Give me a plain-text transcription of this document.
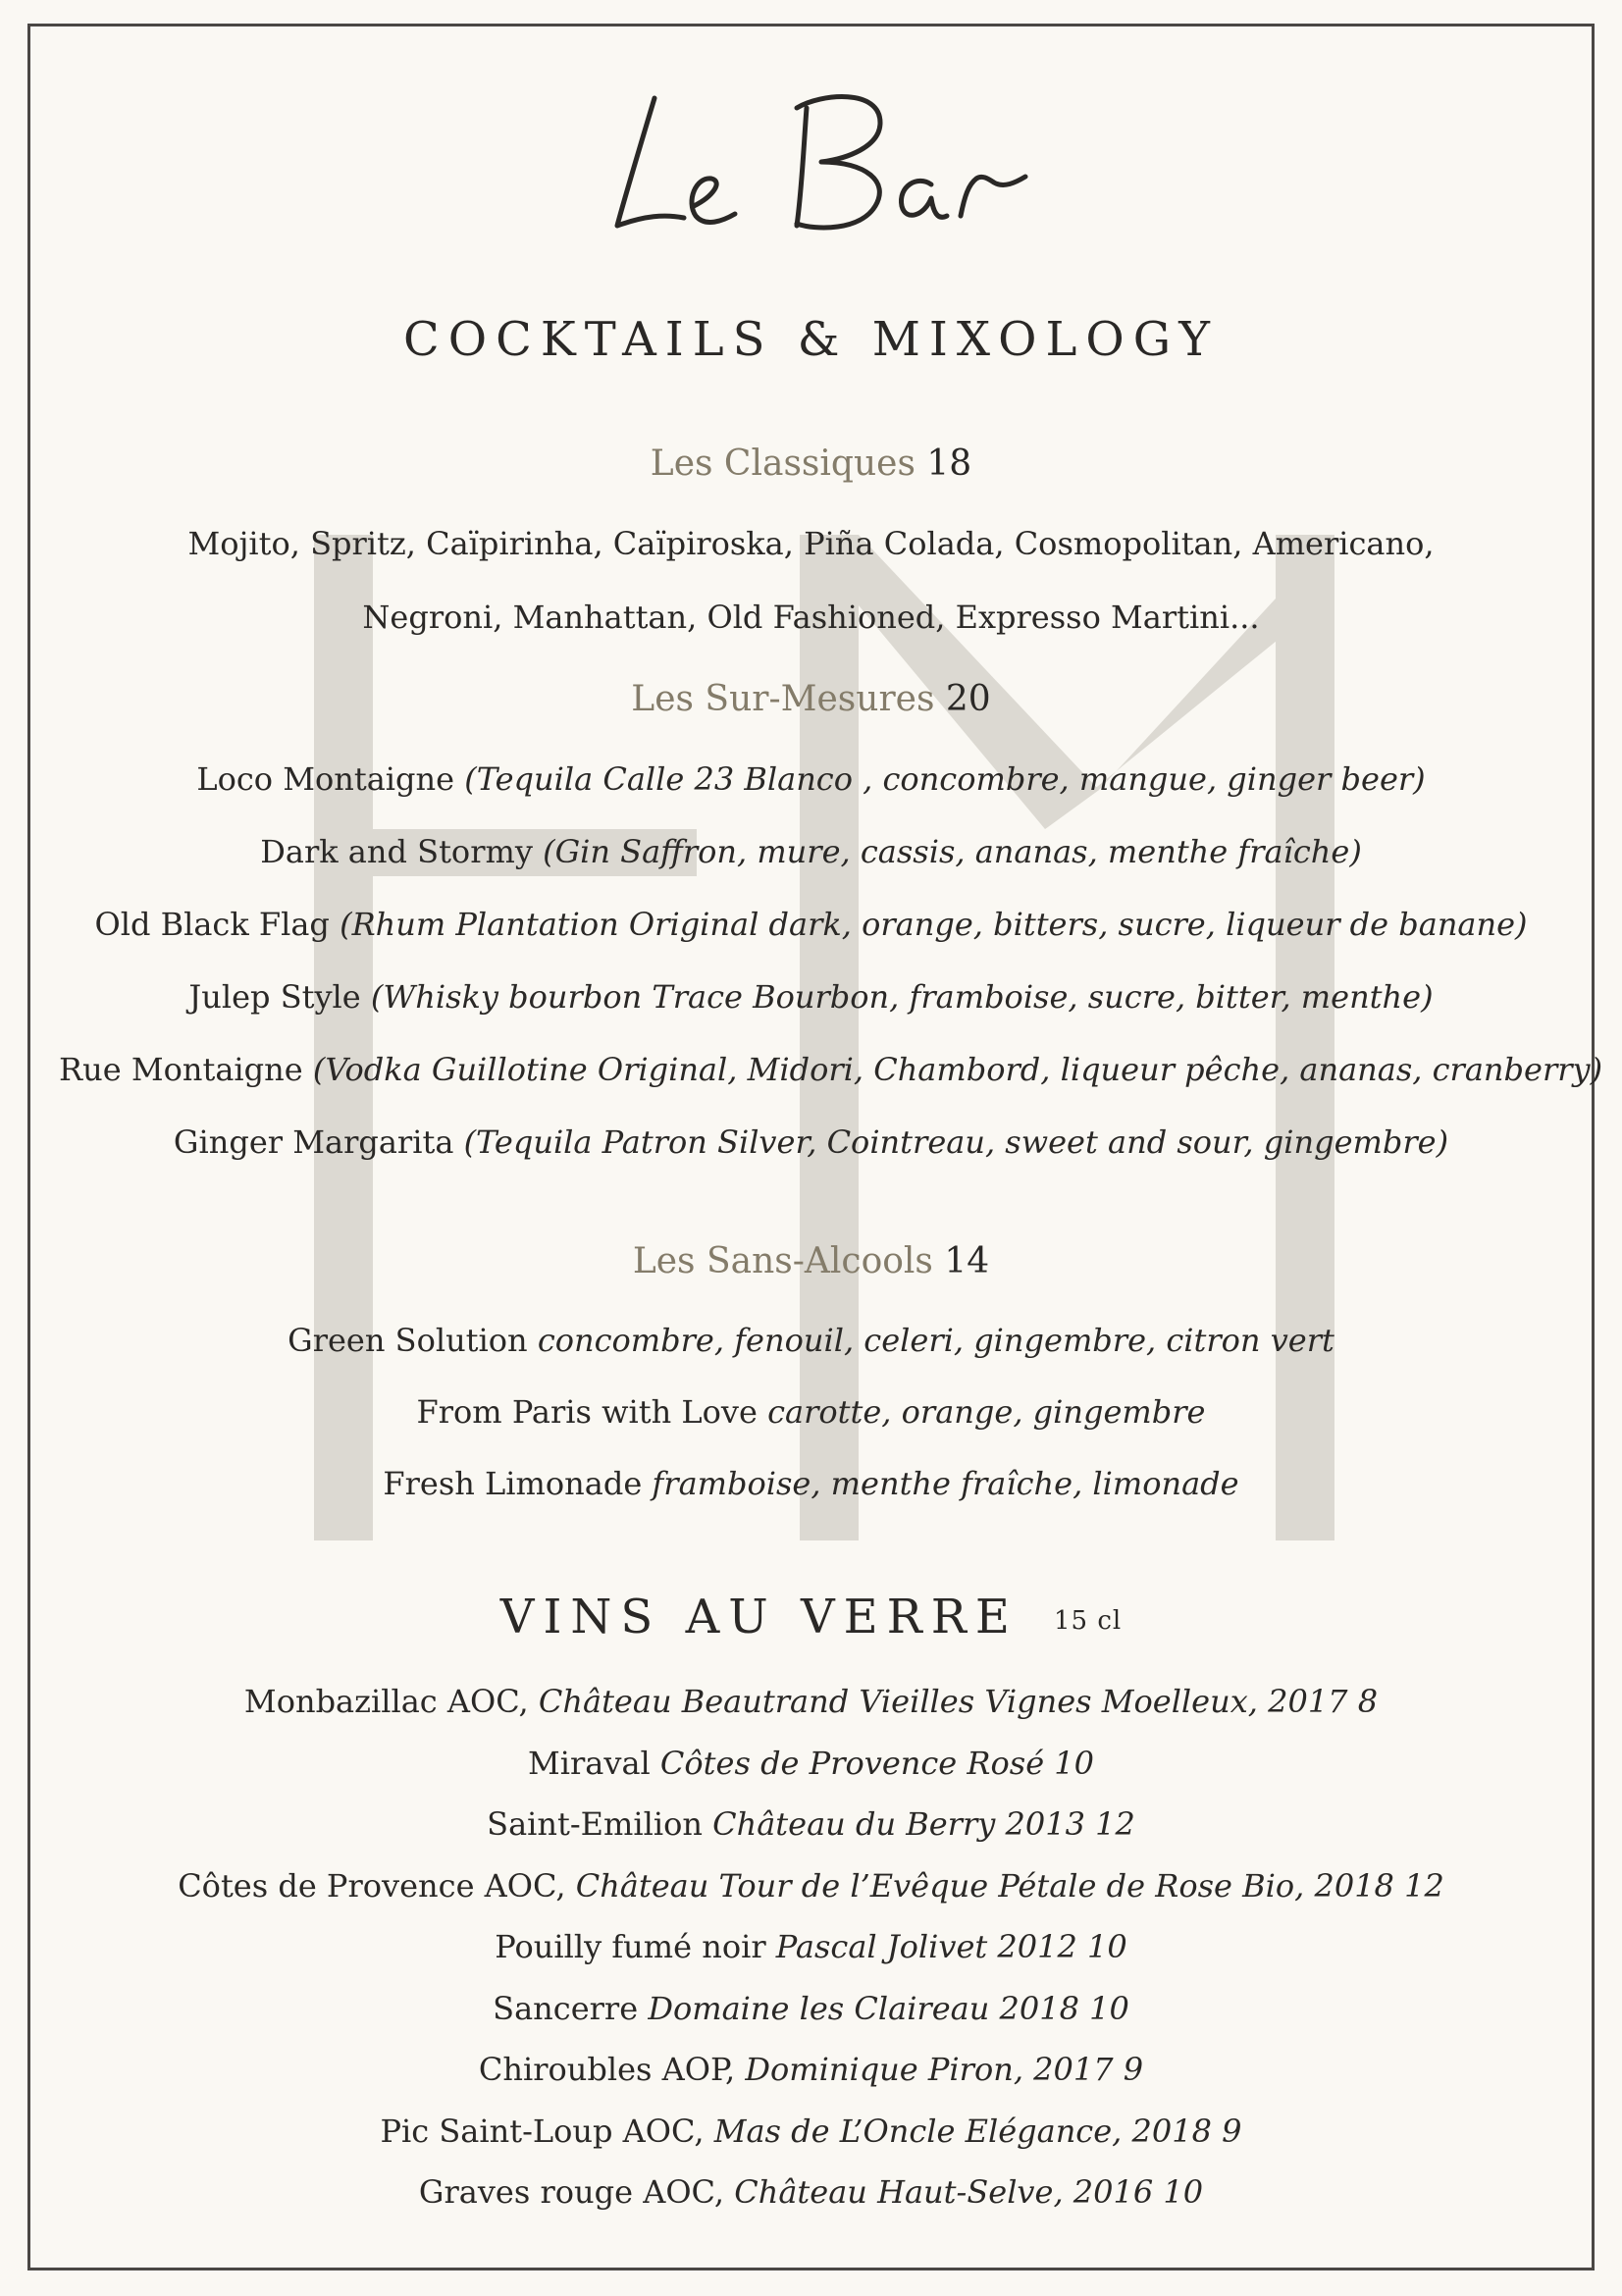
COCKTAILS & MIXOLOGY
Les Classiques 18
Mojito, Spritz, Caïpirinha, Caïpiroska, Piña Colada, Cosmopolitan, Americano,
Negroni, Manhattan, Old Fashioned, Expresso Martini...
Les Sur-Mesures 20
Loco Montaigne (Tequila Calle 23 Blanco , concombre, mangue, ginger beer)
Dark and Stormy (Gin Saffron, mure, cassis, ananas, menthe fraîche)
Old Black Flag (Rhum Plantation Original dark, orange, bitters, sucre, liqueur de banane)
Julep Style (Whisky bourbon Trace Bourbon, framboise, sucre, bitter, menthe)
Rue Montaigne (Vodka Guillotine Original, Midori, Chambord, liqueur pêche, ananas, cranberry)
Ginger Margarita (Tequila Patron Silver, Cointreau, sweet and sour, gingembre)
Les Sans-Alcools 14
Green Solution concombre, fenouil, celeri, gingembre, citron vert
From Paris with Love carotte, orange, gingembre
Fresh Limonade framboise, menthe fraîche, limonade
VINS AU VERRE 15 cl
Monbazillac AOC, Château Beautrand Vieilles Vignes Moelleux, 2017 8
Miraval Côtes de Provence Rosé 10
Saint-Emilion Château du Berry 2013 12
Côtes de Provence AOC, Château Tour de l’Evêque Pétale de Rose Bio, 2018 12
Pouilly fumé noir Pascal Jolivet 2012 10
Sancerre Domaine les Claireau 2018 10
Chiroubles AOP, Dominique Piron, 2017 9
Pic Saint-Loup AOC, Mas de L’Oncle Elégance, 2018 9
Graves rouge AOC, Château Haut-Selve, 2016 10
